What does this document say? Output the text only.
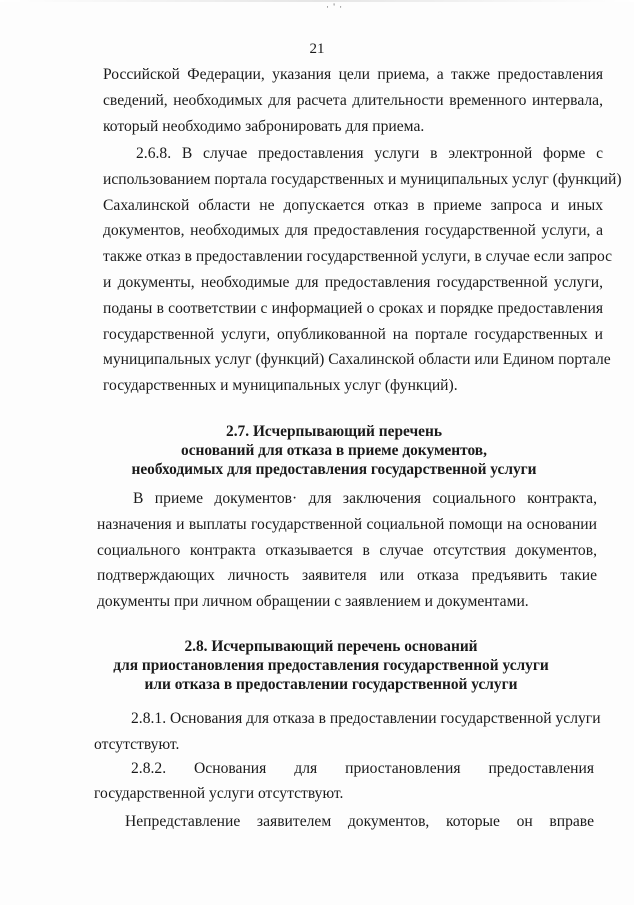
· ' ·
21
Российской Федерации, указания цели приема, а также предоставления
сведений, необходимых для расчета длительности временного интервала,
который необходимо забронировать для приема.
2.6.8. В случае предоставления услуги в электронной форме с
использованием портала государственных и муниципальных услуг (функций)
Сахалинской области не допускается отказ в приеме запроса и иных
документов, необходимых для предоставления государственной услуги, а
также отказ в предоставлении государственной услуги, в случае если запрос
и документы, необходимые для предоставления государственной услуги,
поданы в соответствии с информацией о сроках и порядке предоставления
государственной услуги, опубликованной на портале государственных и
муниципальных услуг (функций) Сахалинской области или Едином портале
государственных и муниципальных услуг (функций).
2.7. Исчерпывающий перечень
оснований для отказа в приеме документов,
необходимых для предоставления государственной услуги
В приеме документов· для заключения социального контракта,
назначения и выплаты государственной социальной помощи на основании
социального контракта отказывается в случае отсутствия документов,
подтверждающих личность заявителя или отказа предъявить такие
документы при личном обращении с заявлением и документами.
2.8. Исчерпывающий перечень оснований
для приостановления предоставления государственной услуги
или отказа в предоставлении государственной услуги
2.8.1. Основания для отказа в предоставлении государственной услуги
отсутствуют.
2.8.2. Основания для приостановления предоставления
государственной услуги отсутствуют.
Непредставление заявителем документов, которые он вправе
